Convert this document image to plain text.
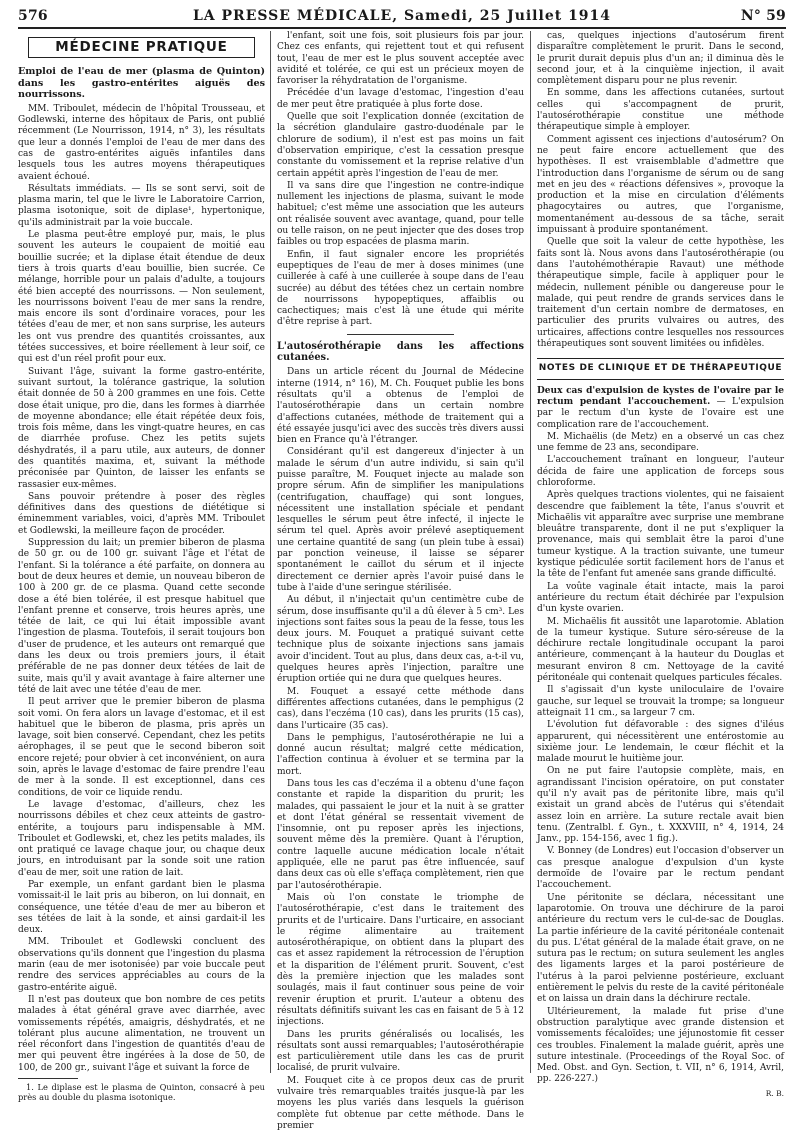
576	LA PRESSE MÉDICALE, Samedi, 25 Juillet 1914	N° 59
MÉDECINE PRATIQUE
Emploi de l'eau de mer (plasma de Quinton) dans les gastro-entérites aiguës des nourrissons.

MM. Triboulet, médecin de l'hôpital Trousseau, et Godlewski, interne des hôpitaux de Paris, ont publié récemment (Le Nourrisson, 1914, n° 3), les résultats que leur a donnés l'emploi de l'eau de mer dans des cas de gastro-entérites aiguës infantiles dans lesquels tous les autres moyens thérapeutiques avaient échoué.

Résultats immédiats. — Ils se sont servi, soit de plasma marin, tel que le livre le Laboratoire Carrion, plasma isotonique, soit de diplase¹, hypertonique, qu'ils administrait par la voie buccale.

Le plasma peut-être employé pur, mais, le plus souvent les auteurs le coupaient de moitié eau bouillie sucrée; et la diplase était étendue de deux tiers à trois quarts d'eau bouillie, bien sucrée. Ce mélange, horrible pour un palais d'adulte, a toujours été bien accepté des nourrissons. — Non seulement, les nourrissons boivent l'eau de mer sans la rendre, mais encore ils sont d'ordinaire voraces, pour les tétées d'eau de mer, et non sans surprise, les auteurs les ont vus prendre des quantités croissantes, aux tétées successives, et boire réellement à leur soif, ce qui est d'un réel profit pour eux.

Suivant l'âge, suivant la forme gastro-entérite, suivant surtout, la tolérance gastrique, la solution était donnée de 50 à 200 grammes en une fois. Cette dose était unique, pro die, dans les formes à diarrhée de moyenne abondance; elle était répétée deux fois, trois fois même, dans les vingt-quatre heures, en cas de diarrhée profuse. Chez les petits sujets déshydratés, il a paru utile, aux auteurs, de donner des quantités maxima, et, suivant la méthode préconisée par Quinton, de laisser les enfants se rassasier eux-mêmes.

Sans pouvoir prétendre à poser des règles définitives dans des questions de diététique si éminemment variables, voici, d'après MM. Triboulet et Godlewski, la meilleure façon de procéder.

Suppression du lait; un premier biberon de plasma de 50 gr. ou de 100 gr. suivant l'âge et l'état de l'enfant. Si la tolérance a été parfaite, on donnera au bout de deux heures et demie, un nouveau biberon de 100 à 200 gr. de ce plasma. Quand cette seconde dose a été bien tolérée, il est presque habituel que l'enfant prenne et conserve, trois heures après, une tétée de lait, ce qui lui était impossible avant l'ingestion de plasma. Toutefois, il serait toujours bon d'user de prudence, et les auteurs ont remarqué que dans les deux ou trois premiers jours, il était préférable de ne pas donner deux tétées de lait de suite, mais qu'il y avait avantage à faire alterner une tété de lait avec une tétée d'eau de mer.

Il peut arriver que le premier biberon de plasma soit vomi. On fera alors un lavage d'estomac, et il est habituel que le biberon de plasma, pris après un lavage, soit bien conservé. Cependant, chez les petits aérophages, il se peut que le second biberon soit encore rejeté; pour obvier à cet inconvénient, on aura soin, après le lavage d'estomac de faire prendre l'eau de mer à la sonde. Il est exceptionnel, dans ces conditions, de voir ce liquide rendu.

Le lavage d'estomac, d'ailleurs, chez les nourrissons débiles et chez ceux atteints de gastro-entérite, a toujours paru indispensable à MM. Triboulet et Godlewski, et, chez les petits malades, ils ont pratiqué ce lavage chaque jour, ou chaque deux jours, en introduisant par la sonde soit une ration d'eau de mer, soit une ration de lait.

Par exemple, un enfant gardant bien le plasma vomissait-il le lait pris au biberon, on lui donnait, en conséquence, une tétée d'eau de mer au biberon et ses tétées de lait à la sonde, et ainsi gardait-il les deux.

MM. Triboulet et Godlewski concluent des observations qu'ils donnent que l'ingestion du plasma marin (eau de mer isotonisée) par voie buccale peut rendre des services appréciables au cours de la gastro-entérite aiguë.

Il n'est pas douteux que bon nombre de ces petits malades à état général grave avec diarrhée, avec vomissements répétés, amaigris, déshydratés, et ne tolérant plus aucune alimentation, ne trouvent un réel réconfort dans l'ingestion de quantités d'eau de mer qui peuvent être ingérées à la dose de 50, de 100, de 200 gr., suivant l'âge et suivant la force de

1. Le diplase est le plasma de Quinton, consacré à peu près au double du plasma isotonique.

l'enfant, soit une fois, soit plusieurs fois par jour. Chez ces enfants, qui rejettent tout et qui refusent tout, l'eau de mer est le plus souvent acceptée avec avidité et tolérée, ce qui est un précieux moyen de favoriser la réhydratation de l'organisme.

Précédée d'un lavage d'estomac, l'ingestion d'eau de mer peut être pratiquée à plus forte dose.

Quelle que soit l'explication donnée (excitation de la sécrétion glandulaire gastro-duodénale par le chlorure de sodium), il n'est est pas moins un fait d'observation empirique, c'est la cessation presque constante du vomissement et la reprise relative d'un certain appétit après l'ingestion de l'eau de mer.

Il va sans dire que l'ingestion ne contre-indique nullement les injections de plasma, suivant le mode habituel; c'est même une association que les auteurs ont réalisée souvent avec avantage, quand, pour telle ou telle raison, on ne peut injecter que des doses trop faibles ou trop espacées de plasma marin.

Enfin, il faut signaler encore les propriétés eupeptiques de l'eau de mer à doses minimes (une cuillerée à café à une cuillerée à soupe dans de l'eau sucrée) au début des tétées chez un certain nombre de nourrissons hypopeptiques, affaiblis ou cachectiques; mais c'est là une étude qui mérite d'être reprise à part.

L'autosérothérapie dans les affections cutanées.

Dans un article récent du Journal de Médecine interne (1914, n° 16), M. Ch. Fouquet publie les bons résultats qu'il a obtenus de l'emploi de l'autosérothérapie dans un certain nombre d'affections cutanées, méthode de traitement qui a été essayée jusqu'ici avec des succès très divers aussi bien en France qu'à l'étranger.

Considérant qu'il est dangereux d'injecter à un malade le sérum d'un autre individu, si sain qu'il puisse paraître, M. Fouquet injecte au malade son propre sérum. Afin de simplifier les manipulations (centrifugation, chauffage) qui sont longues, nécessitent une installation spéciale et pendant lesquelles le sérum peut être infecté, il injecte le sérum tel quel. Après avoir prélevé aseptiquement une certaine quantité de sang (un plein tube à essai) par ponction veineuse, il laisse se séparer spontanément le caillot du sérum et il injecte directement ce dernier après l'avoir puisé dans le tube à l'aide d'une seringue stérilisée.

Au début, il n'injectait qu'un centimètre cube de sérum, dose insuffisante qu'il a dû élever à 5 cm³. Les injections sont faites sous la peau de la fesse, tous les deux jours. M. Fouquet a pratiqué suivant cette technique plus de soixante injections sans jamais avoir d'incident. Tout au plus, dans deux cas, a-t-il vu, quelques heures après l'injection, paraître une éruption ortiée qui ne dura que quelques heures.

M. Fouquet a essayé cette méthode dans différentes affections cutanées, dans le pemphigus (2 cas), dans l'eczéma (10 cas), dans les prurits (15 cas), dans l'urticaire (35 cas).

Dans le pemphigus, l'autosérothérapie ne lui a donné aucun résultat; malgré cette médication, l'affection continua à évoluer et se termina par la mort.

Dans tous les cas d'eczéma il a obtenu d'une façon constante et rapide la disparition du prurit; les malades, qui passaient le jour et la nuit à se gratter et dont l'état général se ressentait vivement de l'insomnie, ont pu reposer après les injections, souvent même dès la première. Quant à l'éruption, contre laquelle aucune médication locale n'était appliquée, elle ne parut pas être influencée, sauf dans deux cas où elle s'effaça complètement, rien que par l'autosérothérapie.

Mais où l'on constate le triomphe de l'autosérothérapie, c'est dans le traitement des prurits et de l'urticaire. Dans l'urticaire, en associant le régime alimentaire au traitement autosérothérapique, on obtient dans la plupart des cas et assez rapidement la rétrocession de l'éruption et la disparition de l'élément prurit. Souvent, c'est dès la première injection que les malades sont soulagés, mais il faut continuer sous peine de voir revenir éruption et prurit. L'auteur a obtenu des résultats définitifs suivant les cas en faisant de 5 à 12 injections.

Dans les prurits généralisés ou localisés, les résultats sont aussi remarquables; l'autosérothérapie est particulièrement utile dans les cas de prurit localisé, de prurit vulvaire.

M. Fouquet cite à ce propos deux cas de prurit vulvaire très remarquables traités jusque-là par les moyens les plus variés dans lesquels la guérison complète fut obtenue par cette méthode. Dans le premier

cas, quelques injections d'autosérum firent disparaître complètement le prurit. Dans le second, le prurit durait depuis plus d'un an; il diminua dès le second jour, et à la cinquième injection, il avait complètement disparu pour ne plus revenir.

En somme, dans les affections cutanées, surtout celles qui s'accompagnent de prurit, l'autosérothérapie constitue une méthode thérapeutique simple à employer.

Comment agissent ces injections d'autosérum? On ne peut faire encore actuellement que des hypothèses. Il est vraisemblable d'admettre que l'introduction dans l'organisme de sérum ou de sang met en jeu des « réactions défensives », provoque la production et la mise en circulation d'éléments phagocytaires ou autres, que l'organisme, momentanément au-dessous de sa tâche, serait impuissant à produire spontanément.

Quelle que soit la valeur de cette hypothèse, les faits sont là. Nous avons dans l'autosérothérapie (ou dans l'autohémothérapie Ravaut) une méthode thérapeutique simple, facile à appliquer pour le médecin, nullement pénible ou dangereuse pour le malade, qui peut rendre de grands services dans le traitement d'un certain nombre de dermatoses, en particulier des prurits vulvaires ou autres, des urticaires, affections contre lesquelles nos ressources thérapeutiques sont souvent limitées ou infidèles.

NOTES DE CLINIQUE ET DE THÉRAPEUTIQUE

Deux cas d'expulsion de kystes de l'ovaire par le rectum pendant l'accouchement. — L'expulsion par le rectum d'un kyste de l'ovaire est une complication rare de l'accouchement.

M. Michaëlis (de Metz) en a observé un cas chez une femme de 23 ans, secondipare.

L'accouchement traînant en longueur, l'auteur décida de faire une application de forceps sous chloroforme.

Après quelques tractions violentes, qui ne faisaient descendre que faiblement la tête, l'anus s'ouvrit et Michaëlis vit apparaître avec surprise une membrane bleuâtre transparente, dont il ne put s'expliquer la provenance, mais qui semblait être la paroi d'une tumeur kystique. A la traction suivante, une tumeur kystique pédiculée sortit facilement hors de l'anus et la tête de l'enfant fut amenée sans grande difficulté.

La voûte vaginale était intacte, mais la paroi antérieure du rectum était déchirée par l'expulsion d'un kyste ovarien.

M. Michaëlis fit aussitôt une laparotomie. Ablation de la tumeur kystique. Suture séro-séreuse de la déchirure rectale longitudinale occupant la paroi antérieure, commençant à la hauteur du Douglas et mesurant environ 8 cm. Nettoyage de la cavité péritonéale qui contenait quelques particules fécales.

Il s'agissait d'un kyste uniloculaire de l'ovaire gauche, sur lequel se trouvait la trompe; sa longueur atteignait 11 cm., sa largeur 7 cm.

L'évolution fut défavorable : des signes d'iléus apparurent, qui nécessitèrent une entérostomie au sixième jour. Le lendemain, le cœur fléchit et la malade mourut le huitième jour.

On ne put faire l'autopsie complète, mais, en agrandissant l'incision opératoire, on put constater qu'il n'y avait pas de péritonite libre, mais qu'il existait un grand abcès de l'utérus qui s'étendait assez loin en arrière. La suture rectale avait bien tenu. (Zentralbl. f. Gyn., t. XXXVIII, n° 4, 1914, 24 Janv., pp. 154-156, avec 1 fig.).

V. Bonney (de Londres) eut l'occasion d'observer un cas presque analogue d'expulsion d'un kyste dermoïde de l'ovaire par le rectum pendant l'accouchement.

Une péritonite se déclara, nécessitant une laparotomie. On trouva une déchirure de la paroi antérieure du rectum vers le cul-de-sac de Douglas. La partie inférieure de la cavité péritonéale contenait du pus. L'état général de la malade était grave, on ne sutura pas le rectum; on sutura seulement les angles des ligaments larges et la paroi postérieure de l'utérus à la paroi pelvienne postérieure, excluant entièrement le pelvis du reste de la cavité péritonéale et on laissa un drain dans la déchirure rectale.

Ultérieurement, la malade fut prise d'une obstruction paralytique avec grande distension et vomissements fécaloïdes; une jéjunostomie fit cesser ces troubles. Finalement la malade guérit, après une suture intestinale. (Proceedings of the Royal Soc. of Med. Obst. and Gyn. Section, t. VII, n° 6, 1914, Avril, pp. 226-227.)

R. B.
